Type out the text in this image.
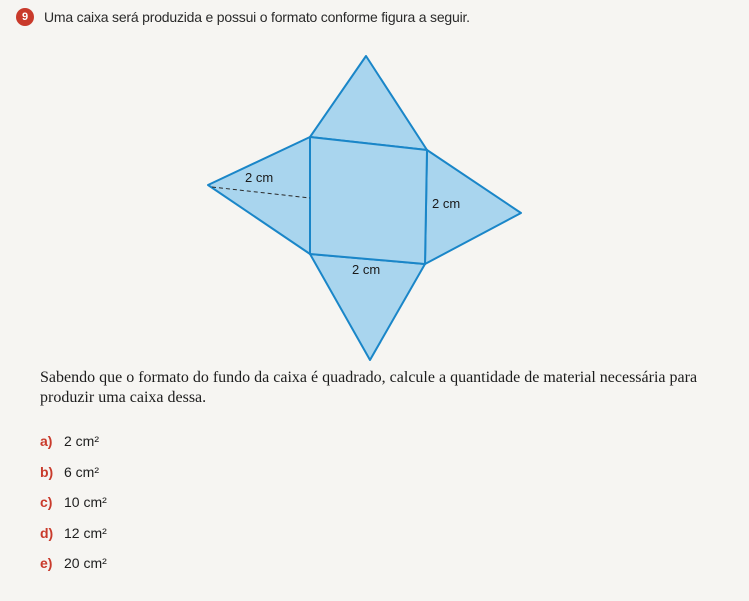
9	Uma caixa será produzida e possui o formato conforme figura a seguir.
2 cm
2 cm
2 cm
Sabendo que o formato do fundo da caixa é quadrado, calcule a quantidade de material necessária para produzir uma caixa dessa.
a) 2 cm²
b) 6 cm²
c) 10 cm²
d) 12 cm²
e) 20 cm²
